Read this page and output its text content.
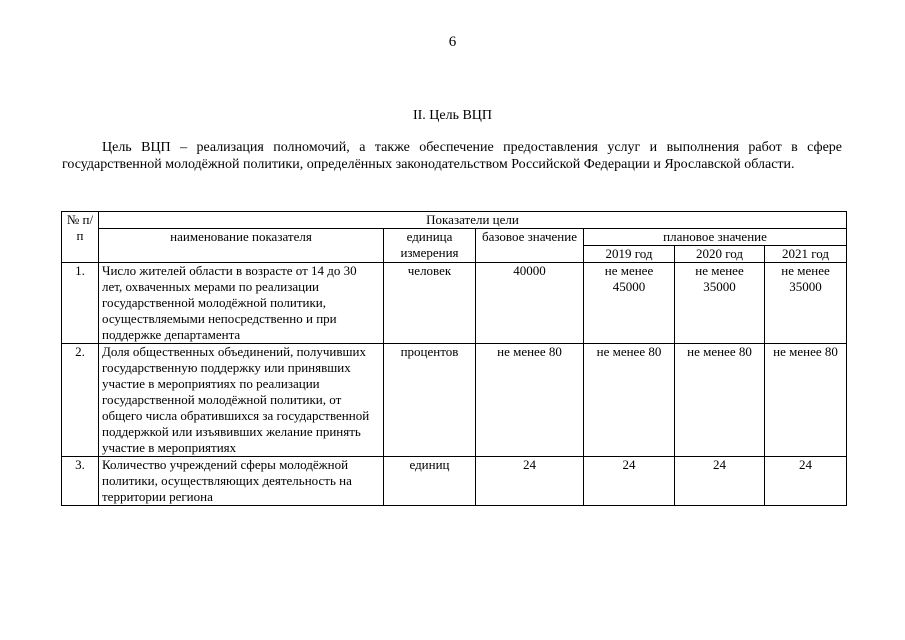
6
II. Цель ВЦП

Цель ВЦП – реализация полномочий, а также обеспечение предоставления услуг и выполнения работ в сфере государственной молодёжной политики, определённых законодательством Российской Федерации и Ярославской области.

№ п/п	Показатели цели					
	наименование показателя	единица измерения	базовое значение	плановое значение		
				2019 год	2020 год	2021 год
1.	Число жителей области в возрасте от 14 до 30 лет, охваченных мерами по реализации государственной молодёжной политики, осуществляемыми непосредственно и при поддержке департамента	человек	40000	не менее 45000	не менее 35000	не менее 35000
2.	Доля общественных объединений, получивших государственную поддержку или принявших участие в мероприятиях по реализации государственной молодёжной политики, от общего числа обратившихся за государственной поддержкой или изъявивших желание принять участие в мероприятиях	процентов	не менее 80	не менее 80	не менее 80	не менее 80
3.	Количество учреждений сферы молодёжной политики, осуществляющих деятельность на территории региона	единиц	24	24	24	24
